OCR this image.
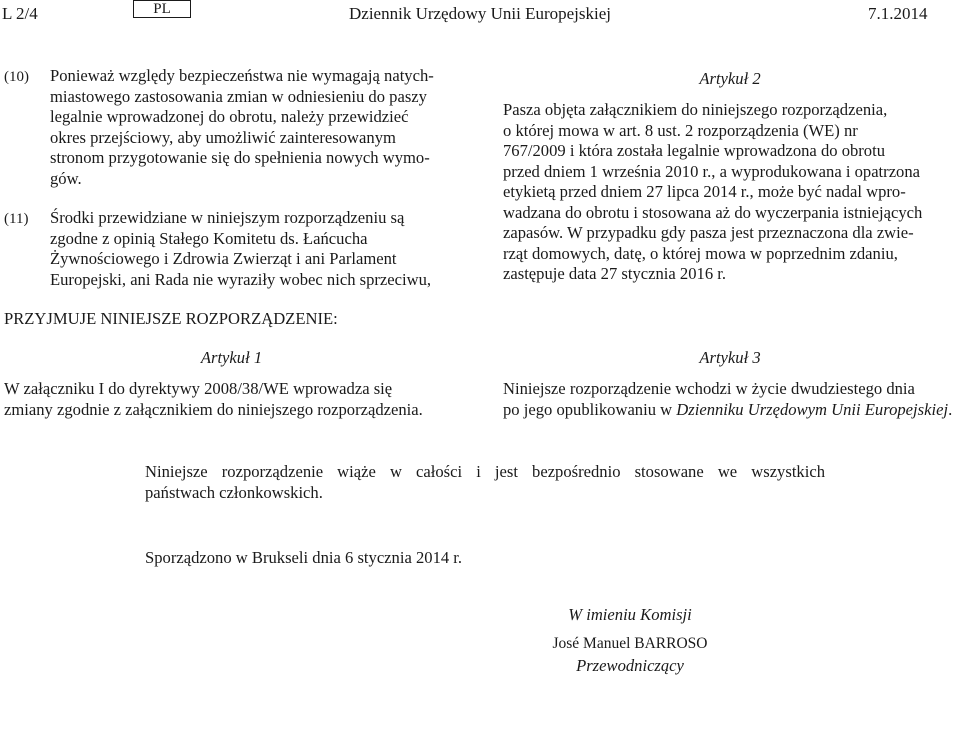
L 2/4	PL	Dziennik Urzędowy Unii Europejskiej	7.1.2014
(10) Ponieważ względy bezpieczeństwa nie wymagają natych-
miastowego zastosowania zmian w odniesieniu do paszy
legalnie wprowadzonej do obrotu, należy przewidzieć
okres przejściowy, aby umożliwić zainteresowanym
stronom przygotowanie się do spełnienia nowych wymo-
gów.
(11) Środki przewidziane w niniejszym rozporządzeniu są
zgodne z opinią Stałego Komitetu ds. Łańcucha
Żywnościowego i Zdrowia Zwierząt i ani Parlament
Europejski, ani Rada nie wyraziły wobec nich sprzeciwu,
Artykuł 2
Pasza objęta załącznikiem do niniejszego rozporządzenia,
o której mowa w art. 8 ust. 2 rozporządzenia (WE) nr
767/2009 i która została legalnie wprowadzona do obrotu
przed dniem 1 września 2010 r., a wyprodukowana i opatrzona
etykietą przed dniem 27 lipca 2014 r., może być nadal wpro-
wadzana do obrotu i stosowana aż do wyczerpania istniejących
zapasów. W przypadku gdy pasza jest przeznaczona dla zwie-
rząt domowych, datę, o której mowa w poprzednim zdaniu,
zastępuje data 27 stycznia 2016 r.
PRZYJMUJE NINIEJSZE ROZPORZĄDZENIE:
Artykuł 1
W załączniku I do dyrektywy 2008/38/WE wprowadza się
zmiany zgodnie z załącznikiem do niniejszego rozporządzenia.
Artykuł 3
Niniejsze rozporządzenie wchodzi w życie dwudziestego dnia
po jego opublikowaniu w Dzienniku Urzędowym Unii Europejskiej.
Niniejsze rozporządzenie wiąże w całości i jest bezpośrednio stosowane we wszystkich
państwach członkowskich.
Sporządzono w Brukseli dnia 6 stycznia 2014 r.
W imieniu Komisji
José Manuel BARROSO
Przewodniczący
